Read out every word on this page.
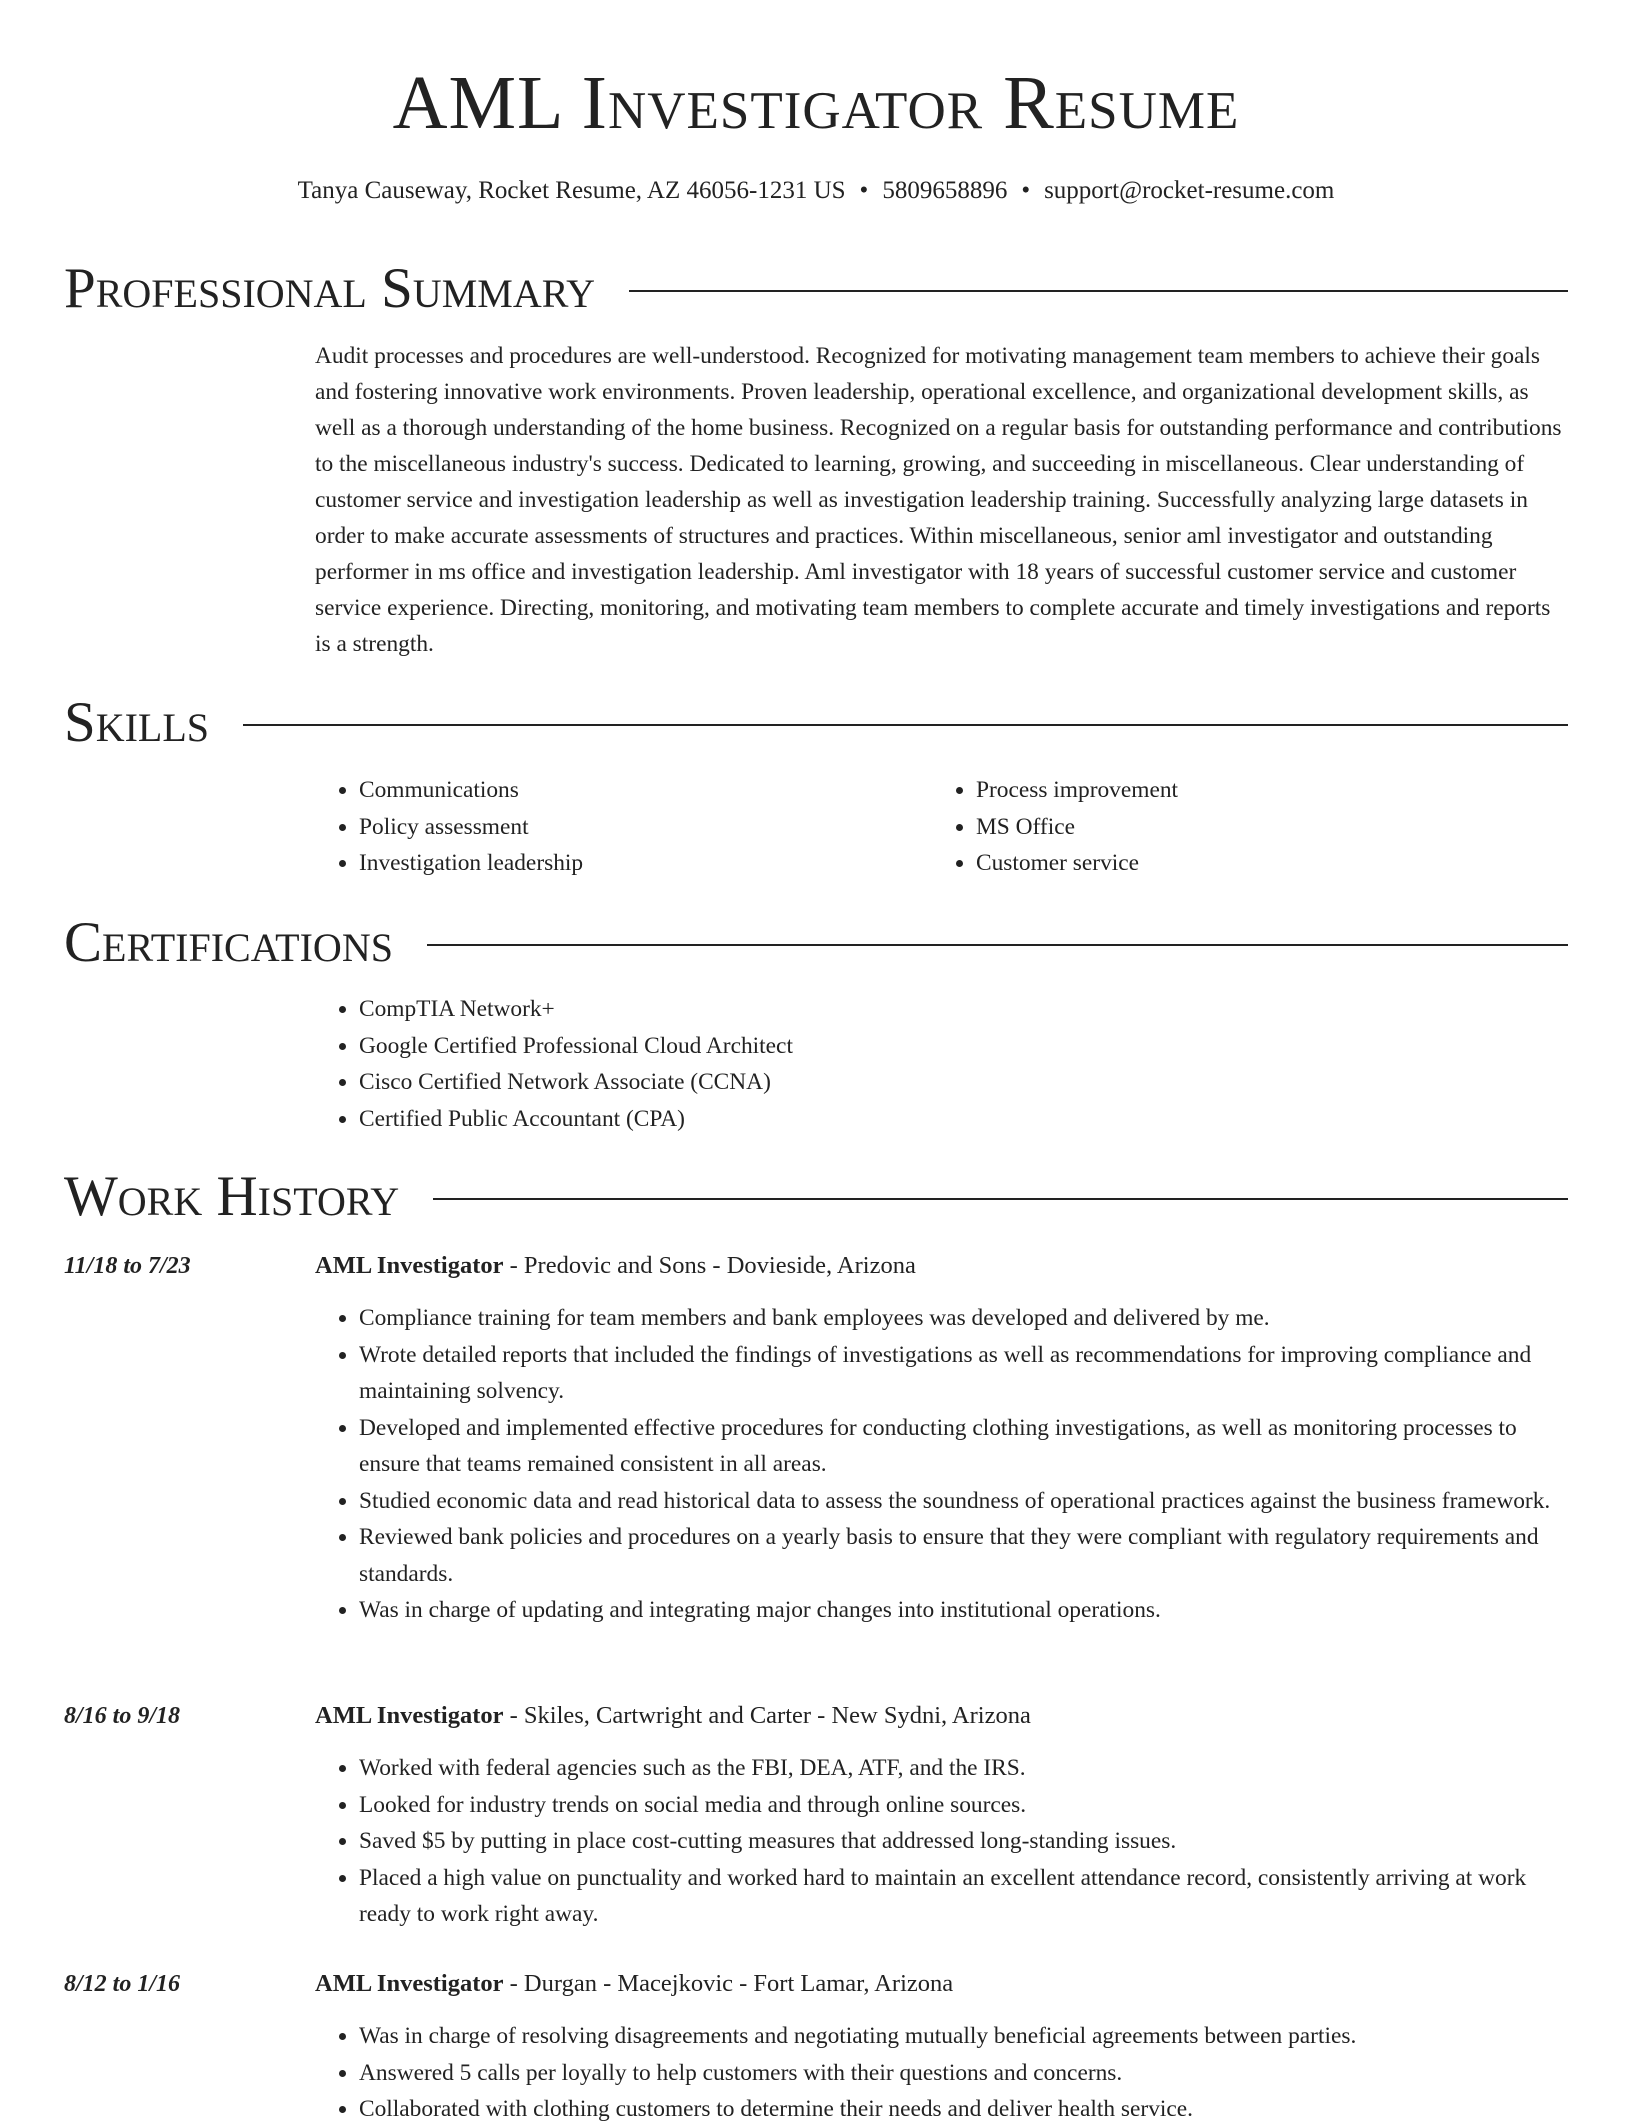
AML Investigator Resume
Tanya Causeway, Rocket Resume, AZ 46056-1231 US • 5809658896 • support@rocket-resume.com
Professional Summary

Audit processes and procedures are well-understood. Recognized for motivating management team members to achieve their goals and fostering innovative work environments. Proven leadership, operational excellence, and organizational development skills, as well as a thorough understanding of the home business. Recognized on a regular basis for outstanding performance and contributions to the miscellaneous industry's success. Dedicated to learning, growing, and succeeding in miscellaneous. Clear understanding of customer service and investigation leadership as well as investigation leadership training. Successfully analyzing large datasets in order to make accurate assessments of structures and practices. Within miscellaneous, senior aml investigator and outstanding performer in ms office and investigation leadership. Aml investigator with 18 years of successful customer service and customer service experience. Directing, monitoring, and motivating team members to complete accurate and timely investigations and reports is a strength.

Skills
• Communications
• Policy assessment
• Investigation leadership
• Process improvement
• MS Office
• Customer service
Certifications
• CompTIA Network+
• Google Certified Professional Cloud Architect
• Cisco Certified Network Associate (CCNA)
• Certified Public Accountant (CPA)
Work History
11/18 to 7/23	AML Investigator - Predovic and Sons - Dovieside, Arizona
• Compliance training for team members and bank employees was developed and delivered by me.
• Wrote detailed reports that included the findings of investigations as well as recommendations for improving compliance and maintaining solvency.
• Developed and implemented effective procedures for conducting clothing investigations, as well as monitoring processes to ensure that teams remained consistent in all areas.
• Studied economic data and read historical data to assess the soundness of operational practices against the business framework.
• Reviewed bank policies and procedures on a yearly basis to ensure that they were compliant with regulatory requirements and standards.
• Was in charge of updating and integrating major changes into institutional operations.
8/16 to 9/18	AML Investigator - Skiles, Cartwright and Carter - New Sydni, Arizona
• Worked with federal agencies such as the FBI, DEA, ATF, and the IRS.
• Looked for industry trends on social media and through online sources.
• Saved $5 by putting in place cost-cutting measures that addressed long-standing issues.
• Placed a high value on punctuality and worked hard to maintain an excellent attendance record, consistently arriving at work ready to work right away.
8/12 to 1/16	AML Investigator - Durgan - Macejkovic - Fort Lamar, Arizona
• Was in charge of resolving disagreements and negotiating mutually beneficial agreements between parties.
• Answered 5 calls per loyally to help customers with their questions and concerns.
• Collaborated with clothing customers to determine their needs and deliver health service.
